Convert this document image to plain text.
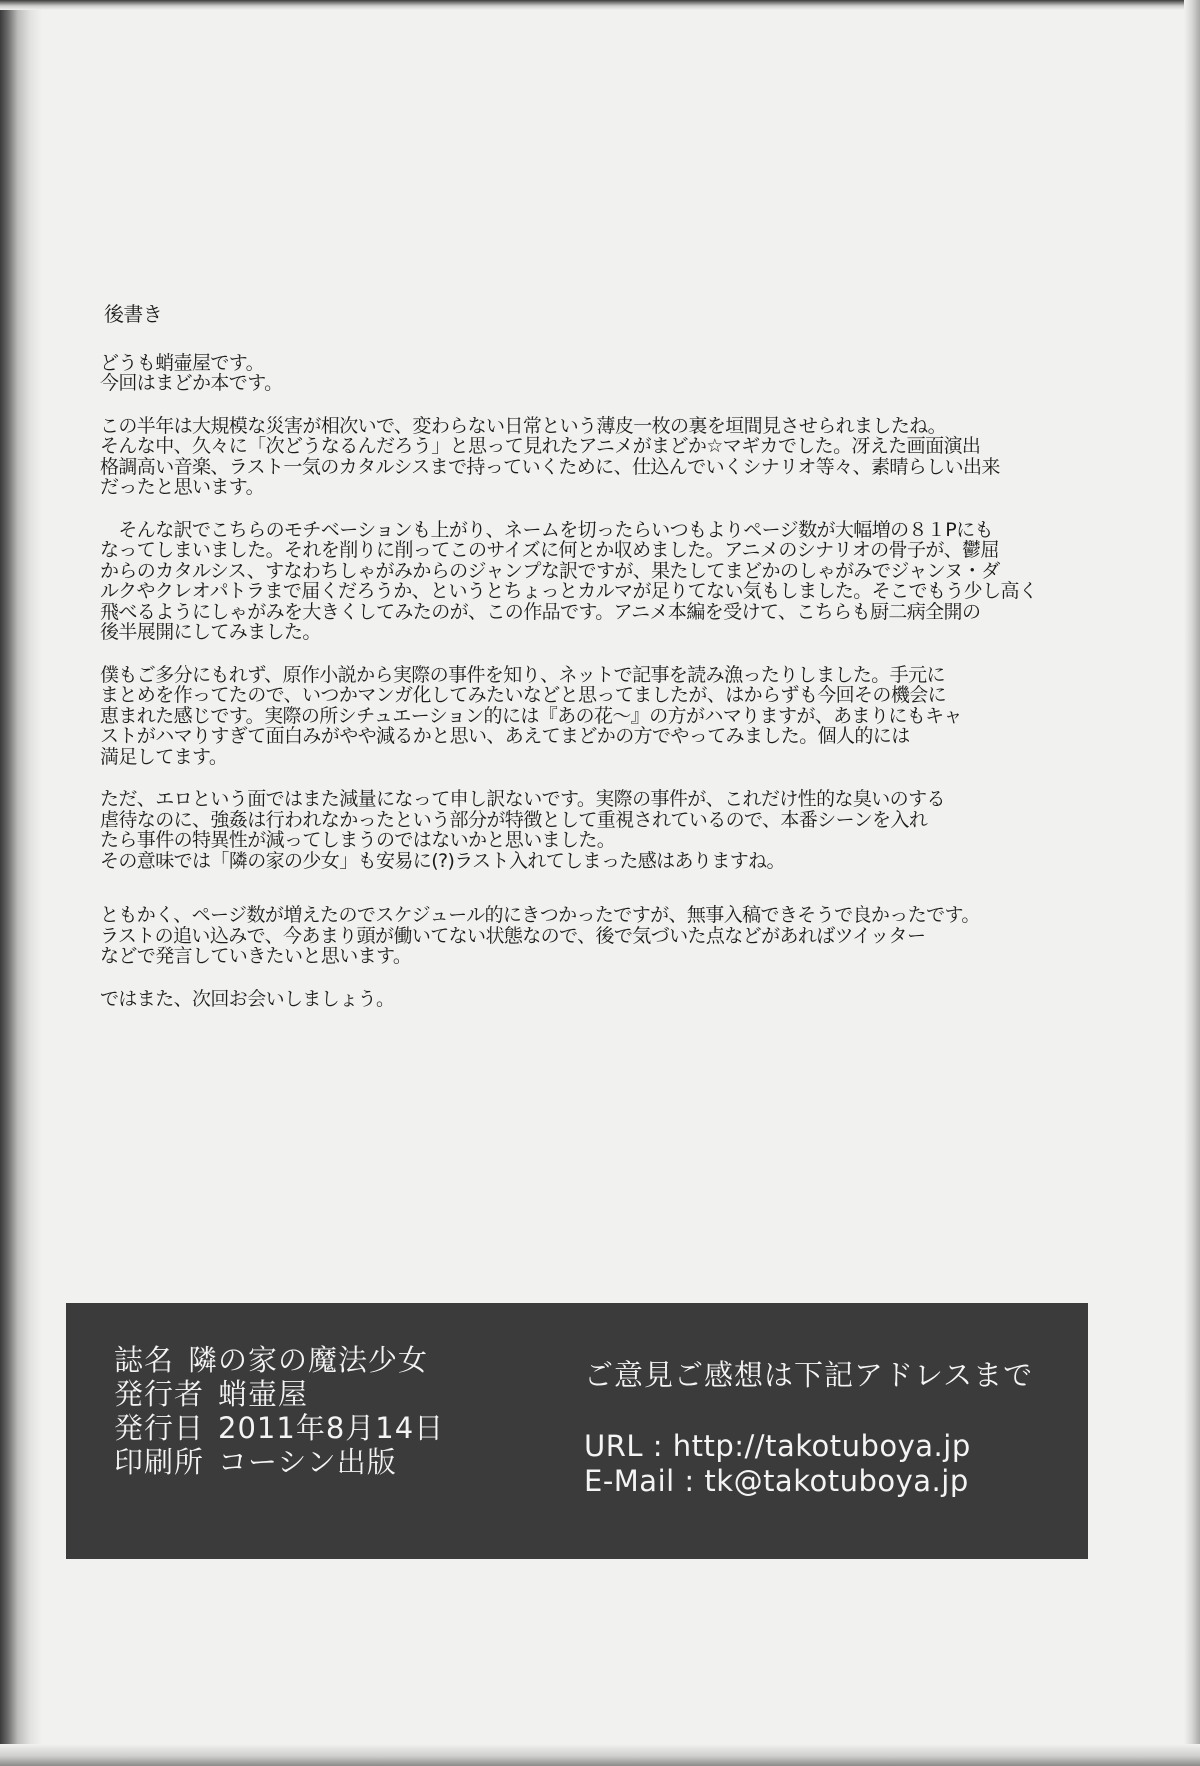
後書き
どうも蛸壷屋です。
今回はまどか本です。
この半年は大規模な災害が相次いで、変わらない日常という薄皮一枚の裏を垣間見させられましたね。
そんな中、久々に「次どうなるんだろう」と思って見れたアニメがまどか☆マギカでした。冴えた画面演出
格調高い音楽、ラスト一気のカタルシスまで持っていくために、仕込んでいくシナリオ等々、素晴らしい出来
だったと思います。
　そんな訳でこちらのモチベーションも上がり、ネームを切ったらいつもよりページ数が大幅増の８１Pにも
なってしまいました。それを削りに削ってこのサイズに何とか収めました。アニメのシナリオの骨子が、鬱屈
からのカタルシス、すなわちしゃがみからのジャンプな訳ですが、果たしてまどかのしゃがみでジャンヌ・ダ
ルクやクレオパトラまで届くだろうか、というとちょっとカルマが足りてない気もしました。そこでもう少し高く
飛べるようにしゃがみを大きくしてみたのが、この作品です。アニメ本編を受けて、こちらも厨二病全開の
後半展開にしてみました。
僕もご多分にもれず、原作小説から実際の事件を知り、ネットで記事を読み漁ったりしました。手元に
まとめを作ってたので、いつかマンガ化してみたいなどと思ってましたが、はからずも今回その機会に
恵まれた感じです。実際の所シチュエーション的には『あの花～』の方がハマりますが、あまりにもキャ
ストがハマりすぎて面白みがやや減るかと思い、あえてまどかの方でやってみました。個人的には
満足してます。
ただ、エロという面ではまた減量になって申し訳ないです。実際の事件が、これだけ性的な臭いのする
虐待なのに、強姦は行われなかったという部分が特徴として重視されているので、本番シーンを入れ
たら事件の特異性が減ってしまうのではないかと思いました。
その意味では「隣の家の少女」も安易に(?)ラスト入れてしまった感はありますね。
ともかく、ページ数が増えたのでスケジュール的にきつかったですが、無事入稿できそうで良かったです。
ラストの追い込みで、今あまり頭が働いてない状態なので、後で気づいた点などがあればツイッター
などで発言していきたいと思います。
ではまた、次回お会いしましょう。
誌名 隣の家の魔法少女
発行者 蛸壷屋
発行日 2011年8月14日
印刷所 コーシン出版
ご意見ご感想は下記アドレスまで
URL : http://takotuboya.jp
E-Mail : tk@takotuboya.jp
